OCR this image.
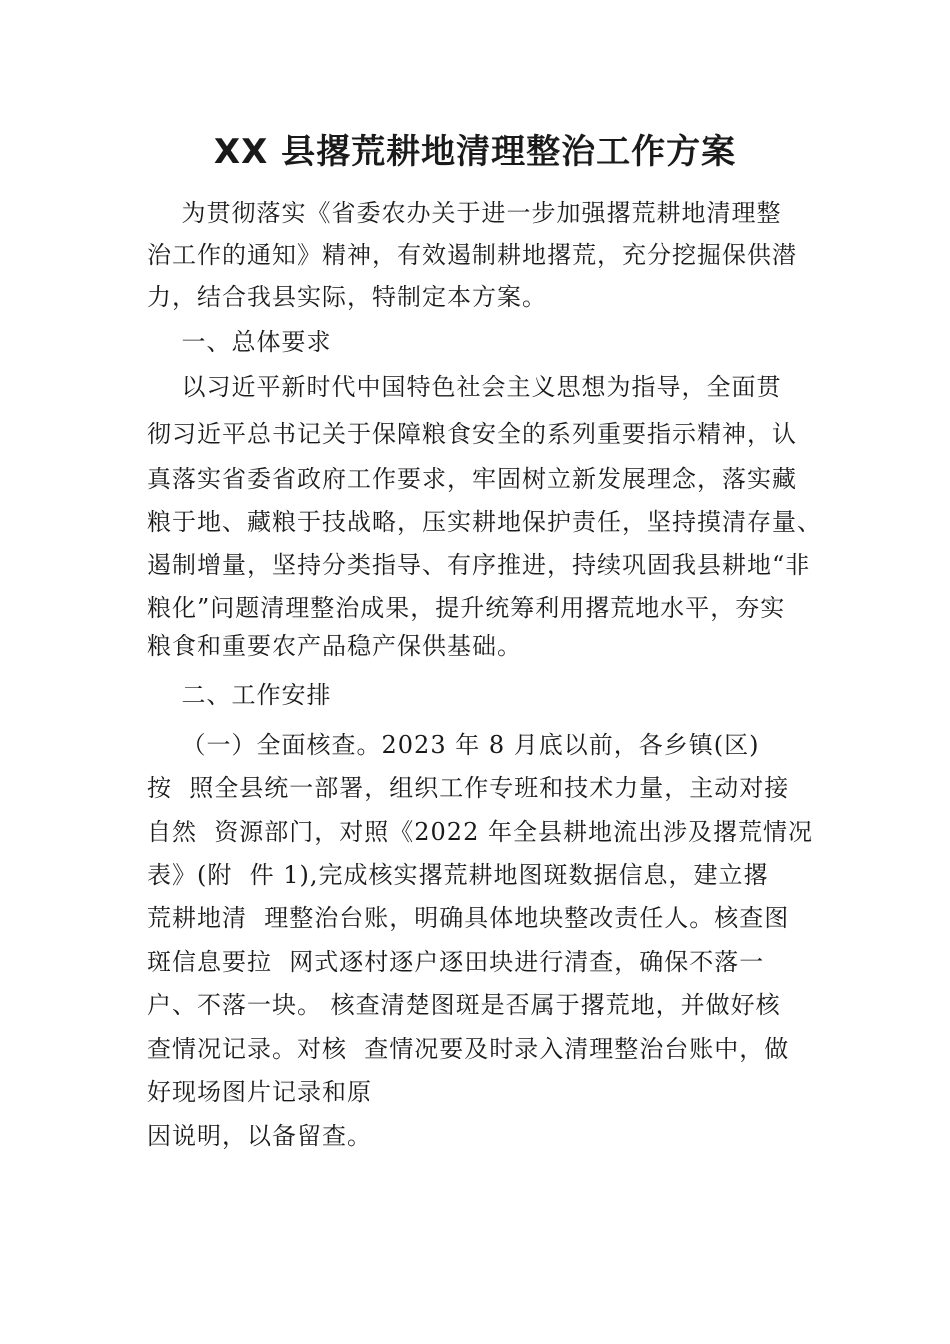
XX 县撂荒耕地清理整治工作方案
为贯彻落实《省委农办关于进一步加强撂荒耕地清理整
治工作的通知》精神，有效遏制耕地撂荒，充分挖掘保供潜
力，结合我县实际，特制定本方案。
一、总体要求
以习近平新时代中国特色社会主义思想为指导，全面贯
彻习近平总书记关于保障粮食安全的系列重要指示精神，认
真落实省委省政府工作要求，牢固树立新发展理念，落实藏
粮于地、藏粮于技战略，压实耕地保护责任，坚持摸清存量、
遏制增量，坚持分类指导、有序推进，持续巩固我县耕地“非
粮化”问题清理整治成果，提升统筹利用撂荒地水平，夯实
粮食和重要农产品稳产保供基础。
二、工作安排
（一）全面核查。2023 年 8 月底以前，各乡镇(区)
按  照全县统一部署，组织工作专班和技术力量，主动对接
自然  资源部门，对照《2022 年全县耕地流出涉及撂荒情况
表》(附  件 1),完成核实撂荒耕地图斑数据信息，建立撂
荒耕地清  理整治台账，明确具体地块整改责任人。核查图
斑信息要拉  网式逐村逐户逐田块进行清查，确保不落一
户、不落一块。 核查清楚图斑是否属于撂荒地，并做好核
查情况记录。对核  查情况要及时录入清理整治台账中，做
好现场图片记录和原
因说明，以备留查。
